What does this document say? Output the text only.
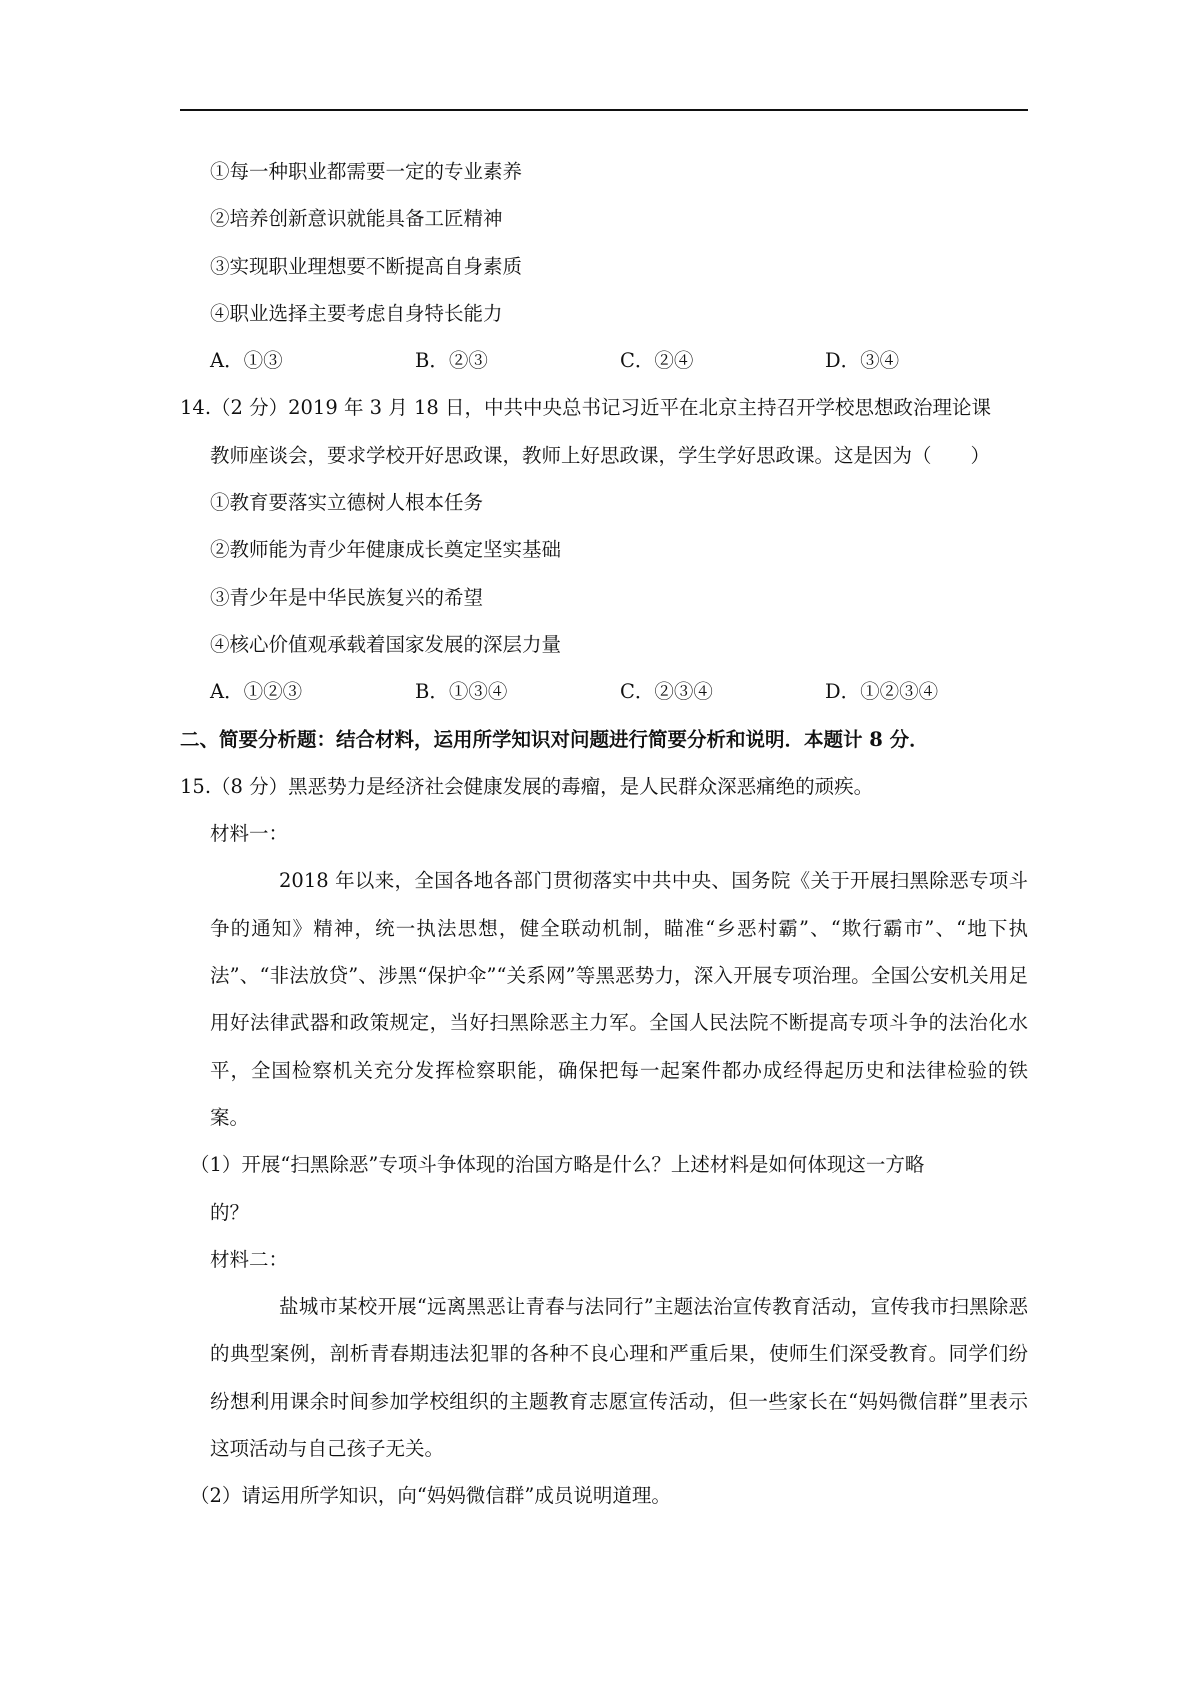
①每一种职业都需要一定的专业素养
②培养创新意识就能具备工匠精神
③实现职业理想要不断提高自身素质
④职业选择主要考虑自身特长能力
A．①③	B．②③	C．②④	D．③④
14.（2 分）2019 年 3 月 18 日，中共中央总书记习近平在北京主持召开学校思想政治理论课
教师座谈会，要求学校开好思政课，教师上好思政课，学生学好思政课。这是因为（　　）
①教育要落实立德树人根本任务
②教师能为青少年健康成长奠定坚实基础
③青少年是中华民族复兴的希望
④核心价值观承载着国家发展的深层力量
A．①②③	B．①③④	C．②③④	D．①②③④
二、简要分析题：结合材料，运用所学知识对问题进行简要分析和说明．本题计 8 分．
15.（8 分）黑恶势力是经济社会健康发展的毒瘤，是人民群众深恶痛绝的顽疾。
材料一：
2018 年以来，全国各地各部门贯彻落实中共中央、国务院《关于开展扫黑除恶专项斗争的通知》精神，统一执法思想，健全联动机制，瞄准“乡恶村霸”、“欺行霸市”、“地下执法”、“非法放贷”、涉黑“保护伞”“关系网”等黑恶势力，深入开展专项治理。全国公安机关用足用好法律武器和政策规定，当好扫黑除恶主力军。全国人民法院不断提高专项斗争的法治化水平，全国检察机关充分发挥检察职能，确保把每一起案件都办成经得起历史和法律检验的铁案。
（1）开展“扫黑除恶”专项斗争体现的治国方略是什么？上述材料是如何体现这一方略
的？
材料二：
盐城市某校开展“远离黑恶让青春与法同行”主题法治宣传教育活动，宣传我市扫黑除恶的典型案例，剖析青春期违法犯罪的各种不良心理和严重后果，使师生们深受教育。同学们纷纷想利用课余时间参加学校组织的主题教育志愿宣传活动，但一些家长在“妈妈微信群”里表示这项活动与自己孩子无关。
（2）请运用所学知识，向“妈妈微信群”成员说明道理。
